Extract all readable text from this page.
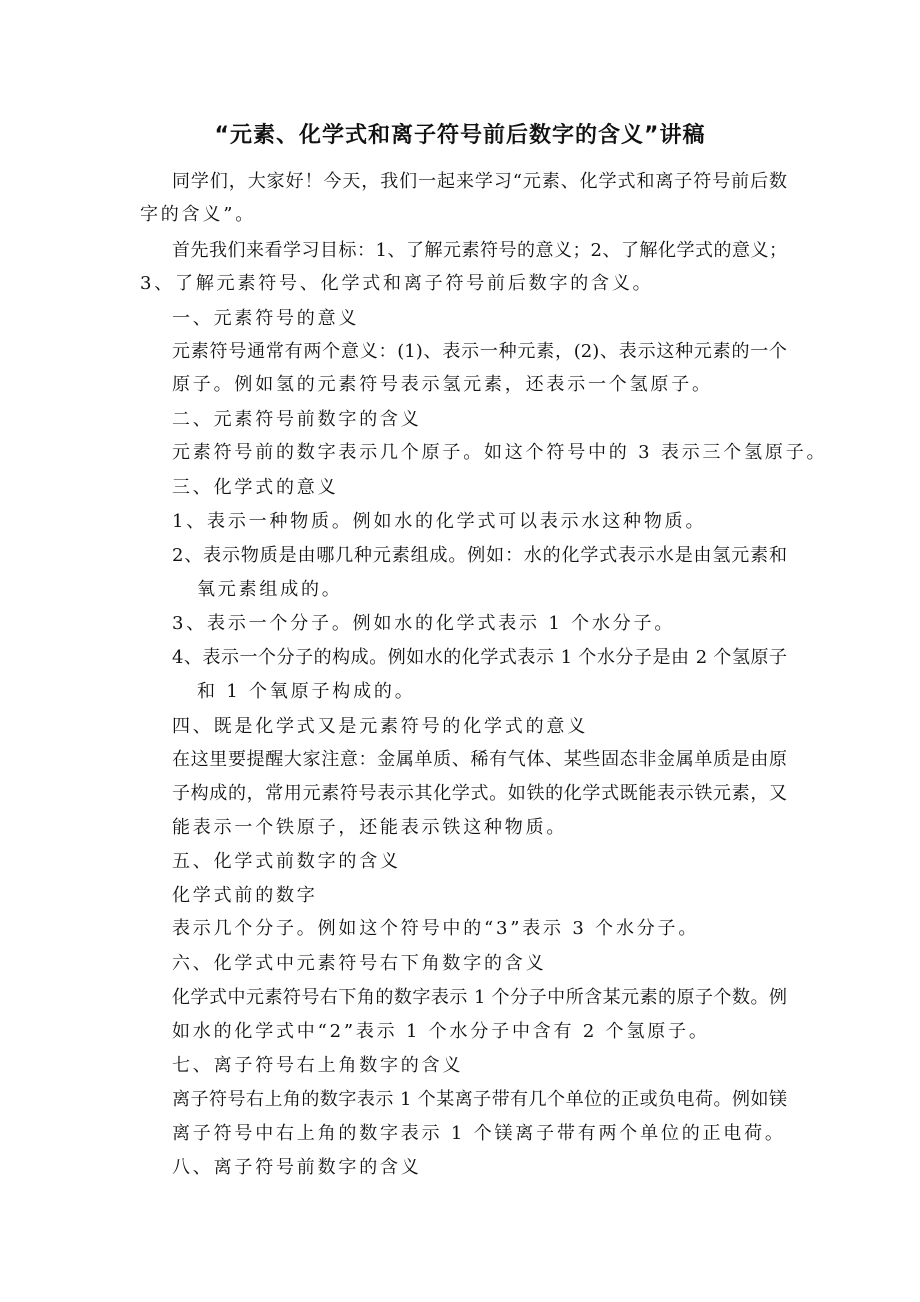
“元素、化学式和离子符号前后数字的含义”讲稿
同学们，大家好！今天，我们一起来学习“元素、化学式和离子符号前后数
字的含义”。
首先我们来看学习目标：1、了解元素符号的意义；2、了解化学式的意义；
3、了解元素符号、化学式和离子符号前后数字的含义。
一、元素符号的意义
元素符号通常有两个意义：(1)、表示一种元素，(2)、表示这种元素的一个
原子。例如氢的元素符号表示氢元素，还表示一个氢原子。
二、元素符号前数字的含义
元素符号前的数字表示几个原子。如这个符号中的 3 表示三个氢原子。
三、化学式的意义
1、表示一种物质。例如水的化学式可以表示水这种物质。
2、表示物质是由哪几种元素组成。例如：水的化学式表示水是由氢元素和
氧元素组成的。
3、表示一个分子。例如水的化学式表示 1 个水分子。
4、表示一个分子的构成。例如水的化学式表示 1 个水分子是由 2 个氢原子
和 1 个氧原子构成的。
四、既是化学式又是元素符号的化学式的意义
在这里要提醒大家注意：金属单质、稀有气体、某些固态非金属单质是由原
子构成的，常用元素符号表示其化学式。如铁的化学式既能表示铁元素，又
能表示一个铁原子，还能表示铁这种物质。
五、化学式前数字的含义
化学式前的数字
表示几个分子。例如这个符号中的“3”表示 3 个水分子。
六、化学式中元素符号右下角数字的含义
化学式中元素符号右下角的数字表示 1 个分子中所含某元素的原子个数。例
如水的化学式中“2”表示 1 个水分子中含有 2 个氢原子。
七、离子符号右上角数字的含义
离子符号右上角的数字表示 1 个某离子带有几个单位的正或负电荷。例如镁
离子符号中右上角的数字表示 1 个镁离子带有两个单位的正电荷。
八、离子符号前数字的含义
